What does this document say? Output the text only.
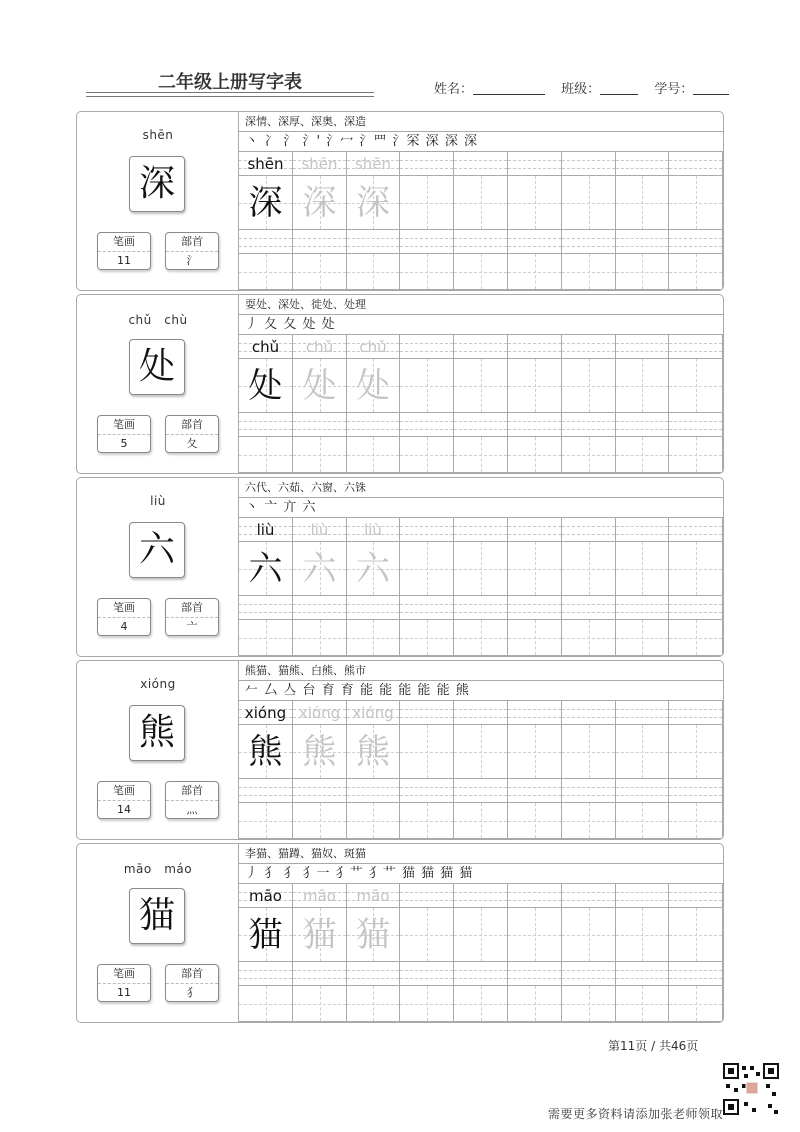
二年级上册写字表	姓名：	班级：	学号：
shēn
深
笔画
11
部首
氵
深情、深厚、深奥、深造
丶 冫 氵 氵' 氵冖 氵罒 氵罙 深 深 深
shēn	shēn	shēn
深 深 深
chǔ　chù
处
笔画
5
部首
夂
耍处、深处、徙处、处理
丿 夂 夂 处 处
chǔ	chǔ	chǔ
处 处 处
liù
六
笔画
4
部首
亠
六代、六茹、六窗、六铢
丶 亠 亣 六
liù	liù	liù
六 六 六
xióng
熊
笔画
14
部首
灬
熊猫、猫熊、白熊、熊市
𠂉 厶 亼 台 育 育 能 能 能 能 能 熊
xióng xióng xióng
熊 熊 熊
māo　máo
猫
笔画
11
部首
犭
李猫、猫蹲、猫奴、斑猫
丿 犭 犭 犭一 犭艹 犭艹 猫 猫 猫 猫
māo	māo	māo
猫 猫 猫
第11页 / 共46页
需要更多资料请添加张老师领取
